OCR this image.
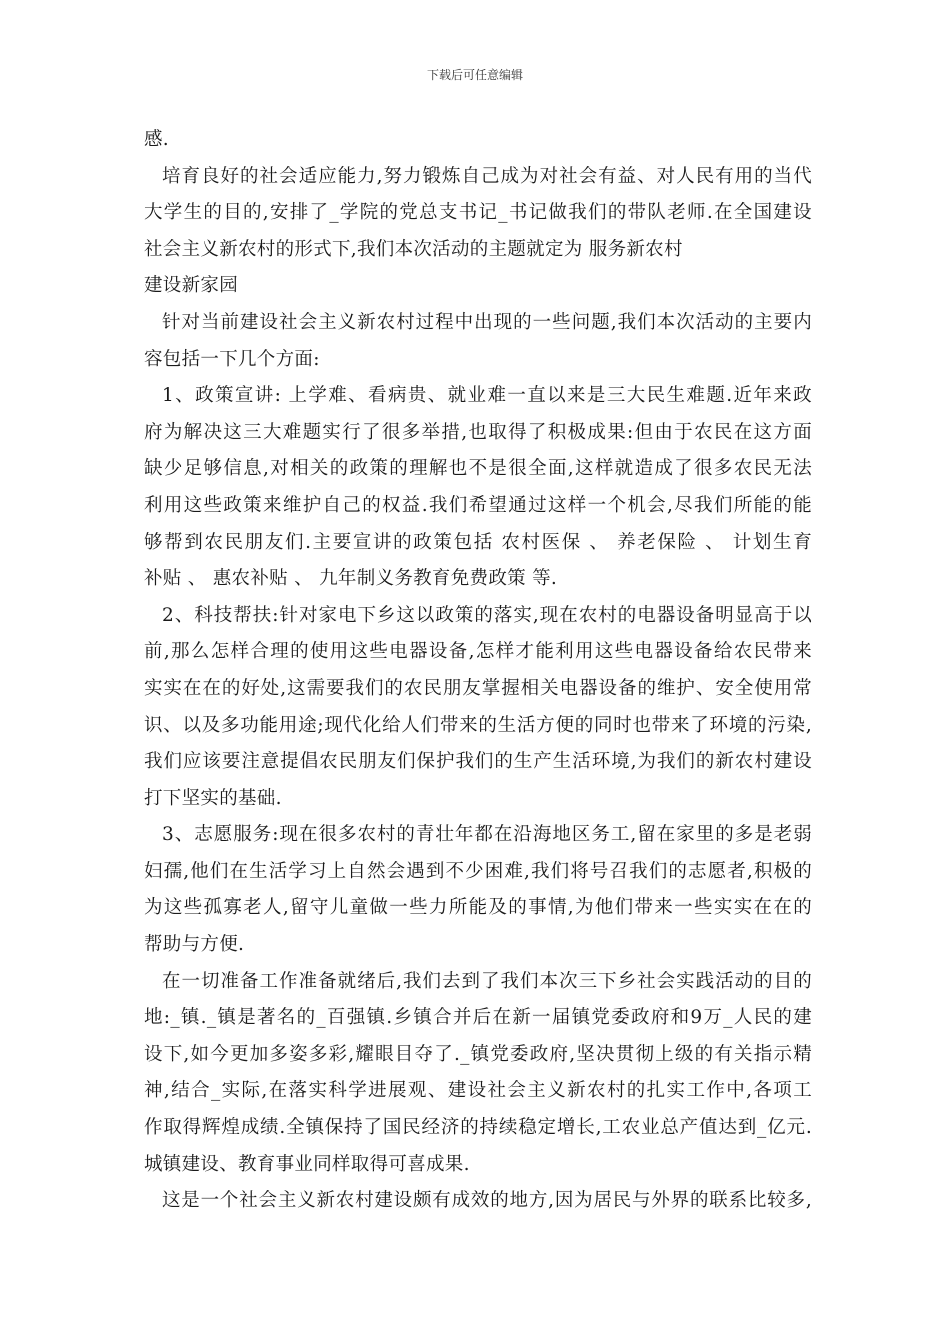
下载后可任意编辑
感.
培育良好的社会适应能力,努力锻炼自己成为对社会有益、对人民有用的当代
大学生的目的,安排了_学院的党总支书记_书记做我们的带队老师.在全国建设
社会主义新农村的形式下,我们本次活动的主题就定为 服务新农村
建设新家园
针对当前建设社会主义新农村过程中出现的一些问题,我们本次活动的主要内
容包括一下几个方面:
1、政策宣讲: 上学难、看病贵、就业难一直以来是三大民生难题.近年来政
府为解决这三大难题实行了很多举措,也取得了积极成果:但由于农民在这方面
缺少足够信息,对相关的政策的理解也不是很全面,这样就造成了很多农民无法
利用这些政策来维护自己的权益.我们希望通过这样一个机会,尽我们所能的能
够帮到农民朋友们.主要宣讲的政策包括 农村医保 、 养老保险 、 计划生育
补贴 、 惠农补贴 、 九年制义务教育免费政策 等.
2、科技帮扶:针对家电下乡这以政策的落实,现在农村的电器设备明显高于以
前,那么怎样合理的使用这些电器设备,怎样才能利用这些电器设备给农民带来
实实在在的好处,这需要我们的农民朋友掌握相关电器设备的维护、安全使用常
识、以及多功能用途;现代化给人们带来的生活方便的同时也带来了环境的污染,
我们应该要注意提倡农民朋友们保护我们的生产生活环境,为我们的新农村建设
打下坚实的基础.
3、志愿服务:现在很多农村的青壮年都在沿海地区务工,留在家里的多是老弱
妇孺,他们在生活学习上自然会遇到不少困难,我们将号召我们的志愿者,积极的
为这些孤寡老人,留守儿童做一些力所能及的事情,为他们带来一些实实在在的
帮助与方便.
在一切准备工作准备就绪后,我们去到了我们本次三下乡社会实践活动的目的
地:_镇._镇是著名的_百强镇.乡镇合并后在新一届镇党委政府和9万_人民的建
设下,如今更加多姿多彩,耀眼目夺了._镇党委政府,坚决贯彻上级的有关指示精
神,结合_实际,在落实科学进展观、建设社会主义新农村的扎实工作中,各项工
作取得辉煌成绩.全镇保持了国民经济的持续稳定增长,工农业总产值达到_亿元.
城镇建设、教育事业同样取得可喜成果.
这是一个社会主义新农村建设颇有成效的地方,因为居民与外界的联系比较多,
